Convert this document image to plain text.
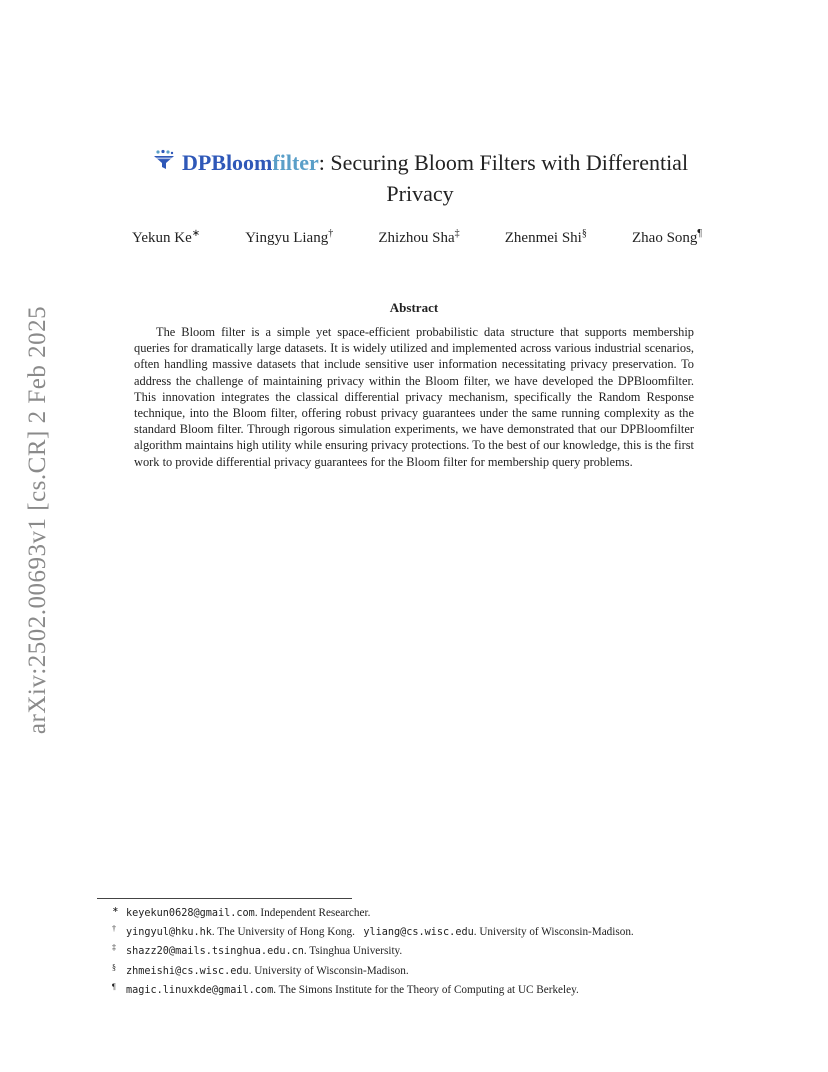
arXiv:2502.00693v1 [cs.CR] 2 Feb 2025
DPBloomfilter: Securing Bloom Filters with Differential
Privacy
Yekun Ke∗	Yingyu Liang†	Zhizhou Sha‡	Zhenmei Shi§	Zhao Song¶
Abstract
The Bloom filter is a simple yet space-efficient probabilistic data structure that supports membership queries for dramatically large datasets. It is widely utilized and implemented across various industrial scenarios, often handling massive datasets that include sensitive user information necessitating privacy preservation. To address the challenge of maintaining privacy within the Bloom filter, we have developed the DPBloomfilter. This innovation integrates the classical differential privacy mechanism, specifically the Random Response technique, into the Bloom filter, offering robust privacy guarantees under the same running complexity as the standard Bloom filter. Through rigorous simulation experiments, we have demonstrated that our DPBloomfilter algorithm maintains high utility while ensuring privacy protections. To the best of our knowledge, this is the first work to provide differential privacy guarantees for the Bloom filter for membership query problems.
∗ keyekun0628@gmail.com. Independent Researcher.
† yingyul@hku.hk. The University of Hong Kong. yliang@cs.wisc.edu. University of Wisconsin-Madison.
‡ shazz20@mails.tsinghua.edu.cn. Tsinghua University.
§ zhmeishi@cs.wisc.edu. University of Wisconsin-Madison.
¶ magic.linuxkde@gmail.com. The Simons Institute for the Theory of Computing at UC Berkeley.
